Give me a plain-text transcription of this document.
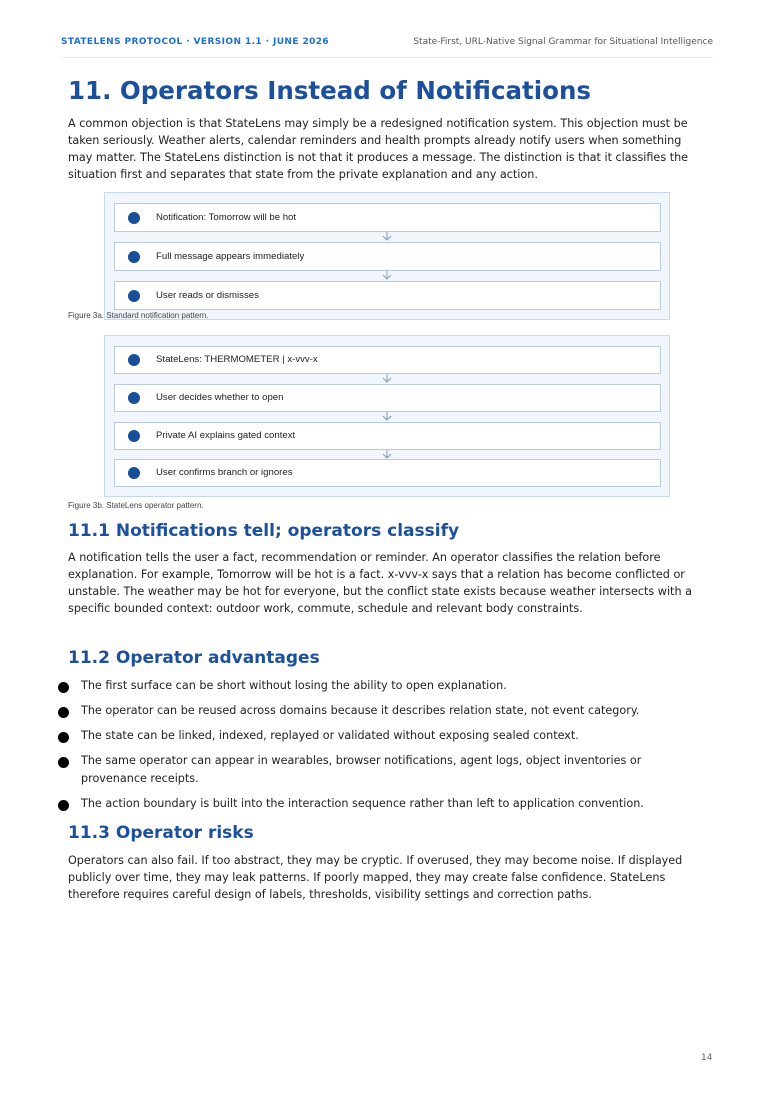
STATELENS PROTOCOL · VERSION 1.1 · JUNE 2026	State-First, URL-Native Signal Grammar for Situational Intelligence
11. Operators Instead of Notifications

A common objection is that StateLens may simply be a redesigned notification system. This objection must be taken seriously. Weather alerts, calendar reminders and health prompts already notify users when something may matter. The StateLens distinction is not that it produces a message. The distinction is that it classifies the situation first and separates that state from the private explanation and any action.

Notification: Tomorrow will be hot
Full message appears immediately
User reads or dismisses
Figure 3a. Standard notification pattern.
StateLens: THERMOMETER | x-vvv-x
User decides whether to open
Private AI explains gated context
User confirms branch or ignores
Figure 3b. StateLens operator pattern.
11.1 Notifications tell; operators classify

A notification tells the user a fact, recommendation or reminder. An operator classifies the relation before explanation. For example, Tomorrow will be hot is a fact. x-vvv-x says that a relation has become conflicted or unstable. The weather may be hot for everyone, but the conflict state exists because weather intersects with a specific bounded context: outdoor work, commute, schedule and relevant body constraints.

11.2 Operator advantages
The first surface can be short without losing the ability to open explanation.
The operator can be reused across domains because it describes relation state, not event category.
The state can be linked, indexed, replayed or validated without exposing sealed context.
The same operator can appear in wearables, browser notifications, agent logs, object inventories or provenance receipts.
The action boundary is built into the interaction sequence rather than left to application convention.
11.3 Operator risks

Operators can also fail. If too abstract, they may be cryptic. If overused, they may become noise. If displayed publicly over time, they may leak patterns. If poorly mapped, they may create false confidence. StateLens therefore requires careful design of labels, thresholds, visibility settings and correction paths.

14
